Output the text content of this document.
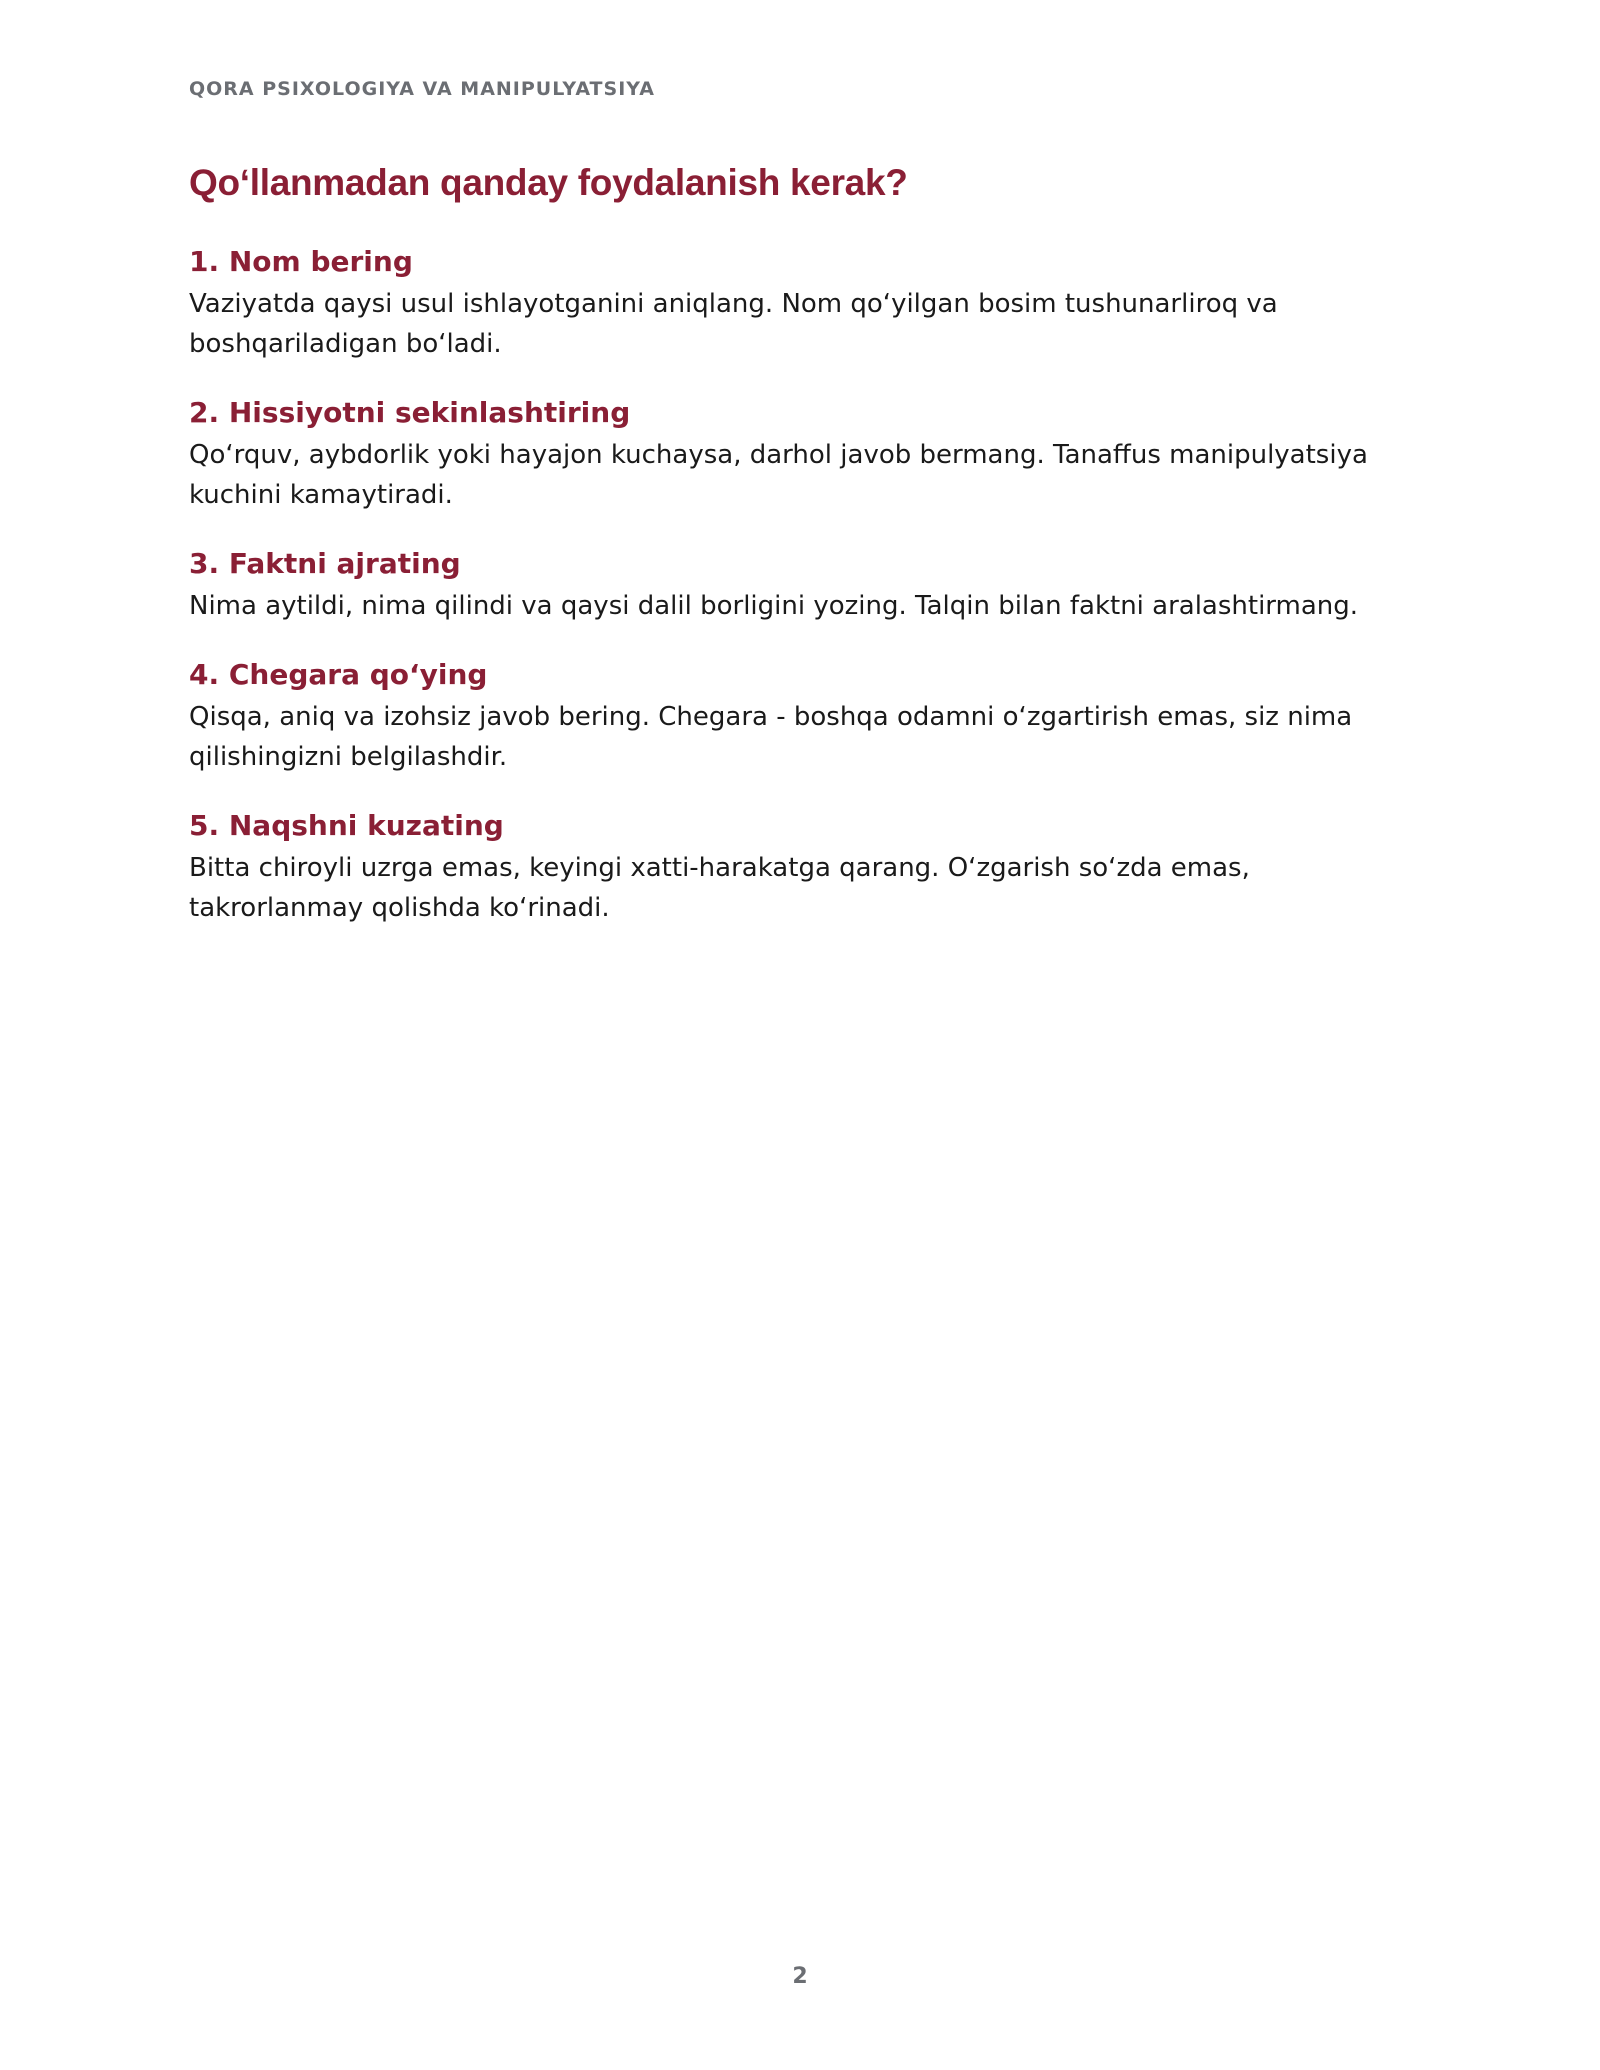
QORA PSIXOLOGIYA VA MANIPULYATSIYA

Qo‘llanmadan qanday foydalanish kerak?
1. Nom bering

Vaziyatda qaysi usul ishlayotganini aniqlang. Nom qo‘yilgan bosim tushunarliroq va boshqariladigan bo‘ladi.

2. Hissiyotni sekinlashtiring

Qo‘rquv, aybdorlik yoki hayajon kuchaysa, darhol javob bermang. Tanaffus manipulyatsiya kuchini kamaytiradi.

3. Faktni ajrating

Nima aytildi, nima qilindi va qaysi dalil borligini yozing. Talqin bilan faktni aralashtirmang.

4. Chegara qo‘ying

Qisqa, aniq va izohsiz javob bering. Chegara - boshqa odamni o‘zgartirish emas, siz nima qilishingizni belgilashdir.

5. Naqshni kuzating

Bitta chiroyli uzrga emas, keyingi xatti-harakatga qarang. O‘zgarish so‘zda emas, takrorlanmay qolishda ko‘rinadi.

2
